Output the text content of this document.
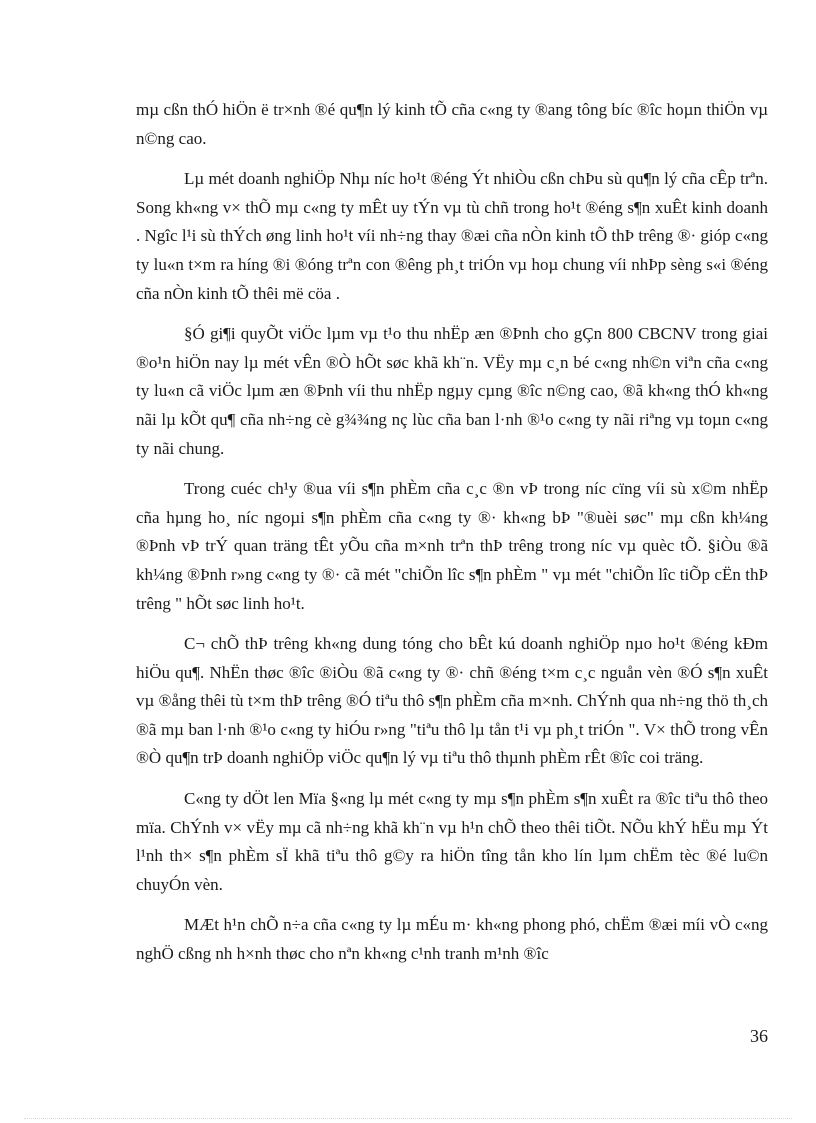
mµ cßn thÓ hiÖn ë tr×nh ®é qu¶n lý kinh tÕ cña c«ng ty ®ang tông bíc ®îc hoµn thiÖn vµ n©ng cao.

Lµ mét doanh nghiÖp Nhµ níc ho¹t ®éng Ýt nhiÒu cßn chÞu sù qu¶n lý cña cÊp trªn. Song kh«ng v× thÕ mµ c«ng ty mÊt uy tÝn vµ tù chñ trong ho¹t ®éng s¶n xuÊt kinh doanh . Ngîc l¹i sù thÝch øng linh ho¹t víi nh÷ng thay ®æi cña nÒn kinh tÕ thÞ trêng ®· gióp c«ng ty lu«n t×m ra híng ®i ®óng trªn con ®êng ph¸t triÓn vµ hoµ chung víi nhÞp sèng s«i ®éng cña nÒn kinh tÕ thêi më cöa .

§Ó gi¶i quyÕt viÖc lµm vµ t¹o thu nhËp æn ®Þnh cho gÇn 800 CBCNV trong giai ®o¹n hiÖn nay lµ mét vÊn ®Ò hÕt søc khã kh¨n. VËy mµ c¸n bé c«ng nh©n viªn cña c«ng ty lu«n cã viÖc lµm æn ®Þnh víi thu nhËp ngµy cµng ®îc n©ng cao, ®ã kh«ng thÓ kh«ng nãi lµ kÕt qu¶ cña nh÷ng cè g¾¾ng nç lùc cña ban l·nh ®¹o c«ng ty nãi riªng vµ toµn c«ng ty nãi chung.

Trong cuéc ch¹y ®ua víi s¶n phÈm cña c¸c ®n vÞ trong níc cïng víi sù x©m nhËp cña hµng ho¸ níc ngoµi s¶n phÈm cña c«ng ty ®· kh«ng bÞ "®uèi søc" mµ cßn kh¼ng ®Þnh vÞ trÝ quan träng tÊt yÕu cña m×nh trªn thÞ trêng trong níc vµ quèc tÕ. §iÒu ®ã kh¼ng ®Þnh r»ng c«ng ty ®· cã mét "chiÕn lîc s¶n phÈm " vµ mét "chiÕn lîc tiÕp cËn thÞ trêng " hÕt søc linh ho¹t.

C¬ chÕ thÞ trêng kh«ng dung tóng cho bÊt kú doanh nghiÖp nµo ho¹t ®éng kÐm hiÖu qu¶. NhËn thøc ®îc ®iÒu ®ã c«ng ty ®· chñ ®éng t×m c¸c nguån vèn ®Ó s¶n xuÊt vµ ®ång thêi tù t×m thÞ trêng ®Ó tiªu thô s¶n phÈm cña m×nh. ChÝnh qua nh÷ng thö th¸ch ®ã mµ ban l·nh ®¹o c«ng ty hiÓu r»ng "tiªu thô lµ tån t¹i vµ ph¸t triÓn ". V× thÕ trong vÊn ®Ò qu¶n trÞ doanh nghiÖp viÖc qu¶n lý vµ tiªu thô thµnh phÈm rÊt ®îc coi träng.

C«ng ty dÖt len Mïa §«ng lµ mét c«ng ty mµ s¶n phÈm s¶n xuÊt ra ®îc tiªu thô theo mïa. ChÝnh v× vËy mµ cã nh÷ng khã kh¨n vµ h¹n chÕ theo thêi tiÕt. NÕu khÝ hËu mµ Ýt l¹nh th× s¶n phÈm sÏ khã tiªu thô g©y ra hiÖn tîng tån kho lín lµm chËm tèc ®é lu©n chuyÓn vèn.

MÆt h¹n chÕ n÷a cña c«ng ty lµ mÉu m· kh«ng phong phó, chËm ®æi míi vÒ c«ng nghÖ cßng nh h×nh thøc cho nªn kh«ng c¹nh tranh m¹nh ®îc

36
